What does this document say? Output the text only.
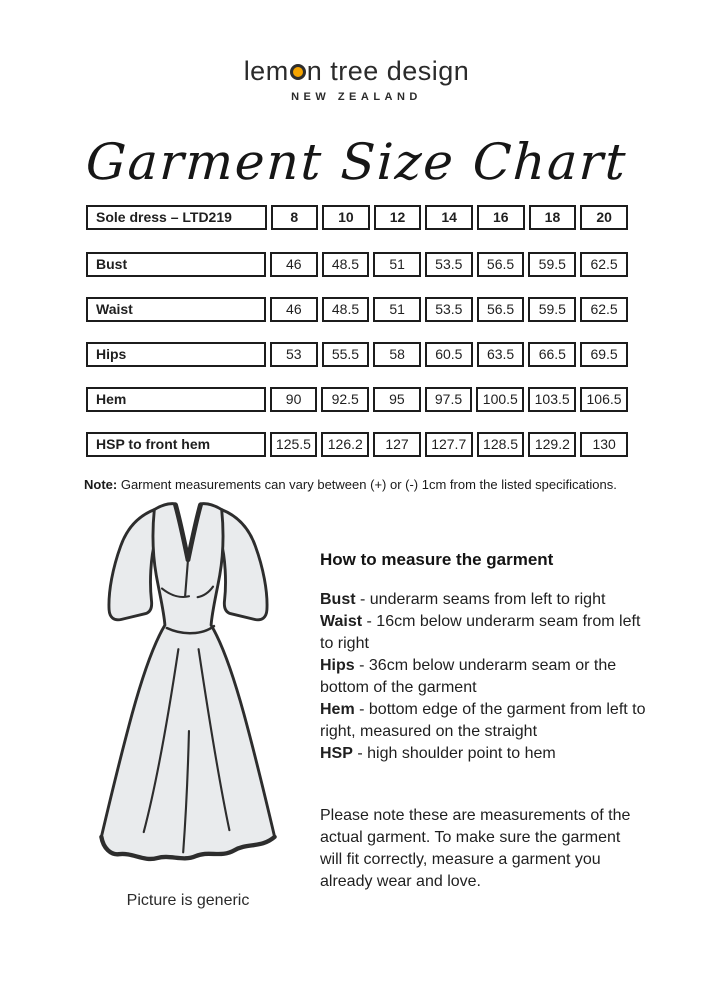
lem n tree design
NEW ZEALAND
Garment Size Chart
Sole dress – LTD219	8	10	12	14	16	18	20
Bust	46	48.5	51	53.5	56.5	59.5	62.5
Waist	46	48.5	51	53.5	56.5	59.5	62.5
Hips	53	55.5	58	60.5	63.5	66.5	69.5
Hem	90	92.5	95	97.5	100.5	103.5	106.5
HSP to front hem	125.5	126.2	127	127.7	128.5	129.2	130
Note: Garment measurements can vary between (+) or (-) 1cm from the listed specifications.
Picture is generic
How to measure the garment
Bust - underarm seams from left to right
Waist - 16cm below underarm seam from left to right
Hips - 36cm below underarm seam or the bottom of the garment
Hem - bottom edge of the garment from left to right, measured on the straight
HSP - high shoulder point to hem
Please note these are measurements of the actual garment. To make sure the garment will fit correctly, measure a garment you already wear and love.
